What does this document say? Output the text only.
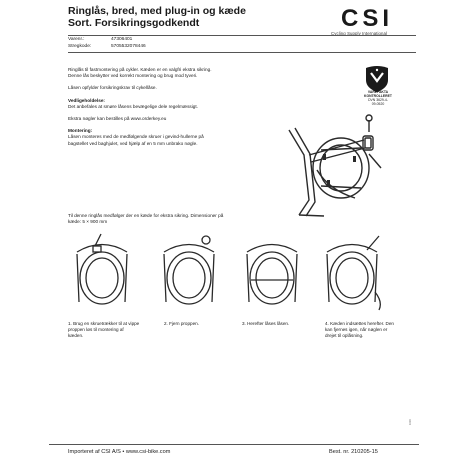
Ringlås, bred, med plug-in og kæde
Sort. Forsikringsgodkendt	CSI
Cycling Supply International
Varenr.:	47306401
Stregkode:	5705532078446

Ringlås til fastmontering på cykler. Kæden er en valgfri ekstra sikring. Denne lås beskytter ved korrekt montering og brug mod tyveri.

Låsen opfylder forsikringskrav til cykellåse.

Vedligeholdelse:

Det anbefales at smøre låsens bevægelige dele regelmæssigt.

Ekstra nøgler kan bestilles på www.orderkey.eu

Montering:

Låsen monteres med de medfølgende skruer i gevind-hullerne på bagstellet ved baghjulet, ved hjælp af en 5 mm unbrako nøgle.

VAREFAKTA
KONTROLLERET
DVN 3629-4-
09-0520
Til denne ringlås medfølger der en kæde for ekstra sikring. Dimensioner på kæde: 5 × 900 mm
1. Brug en skruetrækker til at vippe proppen løs til montering af kæden.
2. Fjern proppen.	3. Herefter låses låsen.	4. Kæden indsættes herefter. Den kan fjernes igen, når nøglen er drejet til oplåsning.
Importeret af CSI A/S • www.csi-bike.com	Best. nr. 210205-15
1016
